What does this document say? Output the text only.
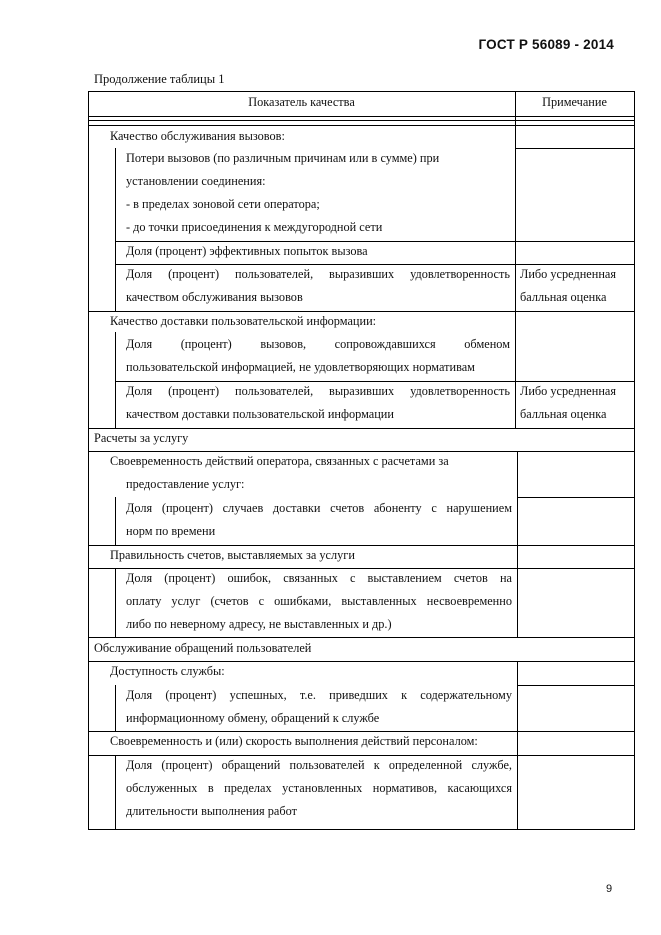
ГОСТ Р 56089 - 2014
Продолжение таблицы 1
9
Показатель качества	Примечание
Качество обслуживания вызовов:
Потери вызовов (по различным причинам или в сумме) при
установлении соединения:
- в пределах зоновой сети оператора;
- до точки присоединения к междугородной сети
Доля (процент) эффективных попыток вызова
Доля (процент) пользователей, выразивших удовлетворенность
качеством обслуживания вызовов
Либо усредненная
балльная оценка
Качество доставки пользовательской информации:
Доля (процент) вызовов, сопровождавшихся обменом
пользовательской информацией, не удовлетворяющих нормативам
Доля (процент) пользователей, выразивших удовлетворенность
качеством доставки пользовательской информации
Либо усредненная
балльная оценка
Расчеты за услугу
Своевременность действий оператора, связанных с расчетами за
предоставление услуг:
Доля (процент) случаев доставки счетов абоненту с нарушением
норм по времени
Правильность счетов, выставляемых за услуги
Доля (процент) ошибок, связанных с выставлением счетов на
оплату услуг (счетов с ошибками, выставленных несвоевременно
либо по неверному адресу, не выставленных и др.)
Обслуживание обращений пользователей
Доступность службы:
Доля (процент) успешных, т.е. приведших к содержательному
информационному обмену, обращений к службе
Своевременность и (или) скорость выполнения действий персоналом:
Доля (процент) обращений пользователей к определенной службе,
обслуженных в пределах установленных нормативов, касающихся
длительности выполнения работ
